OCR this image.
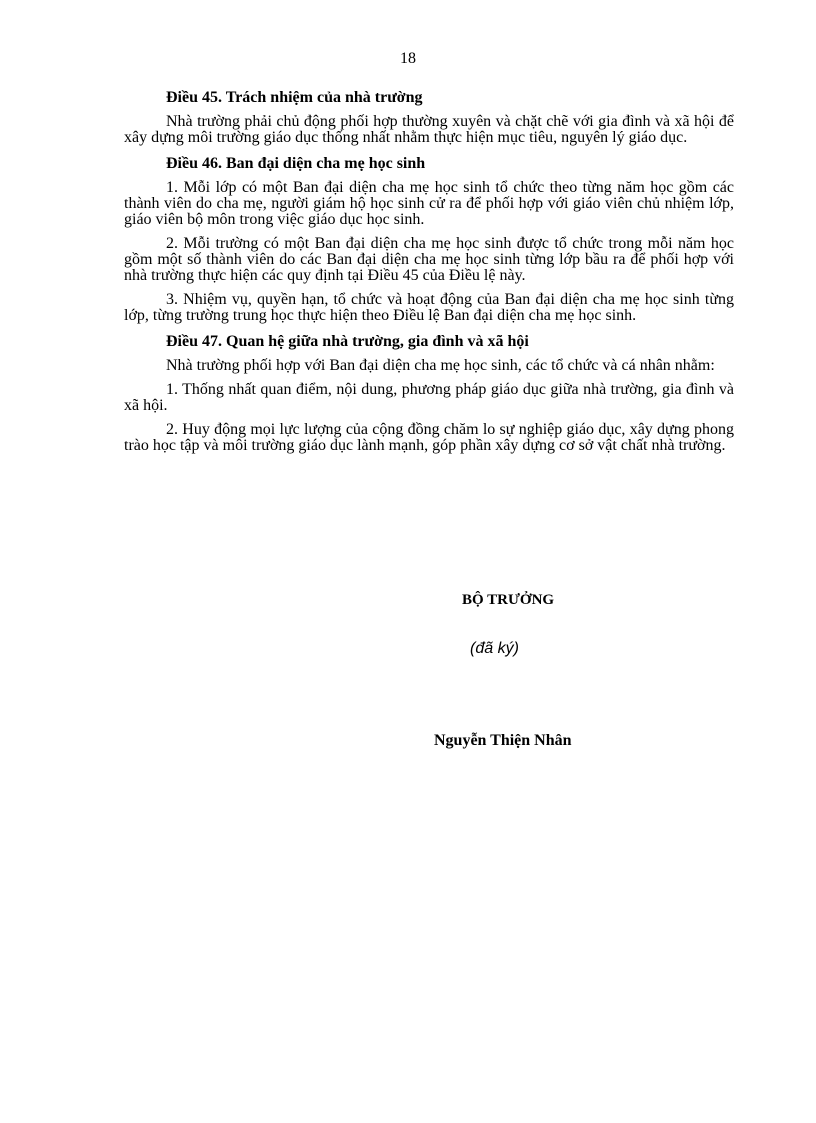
18
Điều 45. Trách nhiệm của nhà trường

Nhà trường phải chủ động phối hợp thường xuyên và chặt chẽ với gia đình và xã hội để xây dựng môi trường giáo dục thống nhất nhằm thực hiện mục tiêu, nguyên lý giáo dục.

Điều 46. Ban đại diện cha mẹ học sinh

1. Mỗi lớp có một Ban đại diện cha mẹ học sinh tổ chức theo từng năm học gồm các thành viên do cha mẹ, người giám hộ học sinh cử ra để phối hợp với giáo viên chủ nhiệm lớp, giáo viên bộ môn trong việc giáo dục học sinh.

2. Mỗi trường có một Ban đại diện cha mẹ học sinh được tổ chức trong mỗi năm học gồm một số thành viên do các Ban đại diện cha mẹ học sinh từng lớp bầu ra để phối hợp với nhà trường thực hiện các quy định tại Điều 45 của Điều lệ này.

3. Nhiệm vụ, quyền hạn, tổ chức và hoạt động của Ban đại diện cha mẹ học sinh từng lớp, từng trường trung học thực hiện theo Điều lệ Ban đại diện cha mẹ học sinh.

Điều 47. Quan hệ giữa nhà trường, gia đình và xã hội

Nhà trường phối hợp với Ban đại diện cha mẹ học sinh, các tổ chức và cá nhân nhằm:

1. Thống nhất quan điểm, nội dung, phương pháp giáo dục giữa nhà trường, gia đình và xã hội.

2. Huy động mọi lực lượng của cộng đồng chăm lo sự nghiệp giáo dục, xây dựng phong trào học tập và môi trường giáo dục lành mạnh, góp phần xây dựng cơ sở vật chất nhà trường.

BỘ TRƯỞNG
(đã ký)
Nguyễn Thiện Nhân
